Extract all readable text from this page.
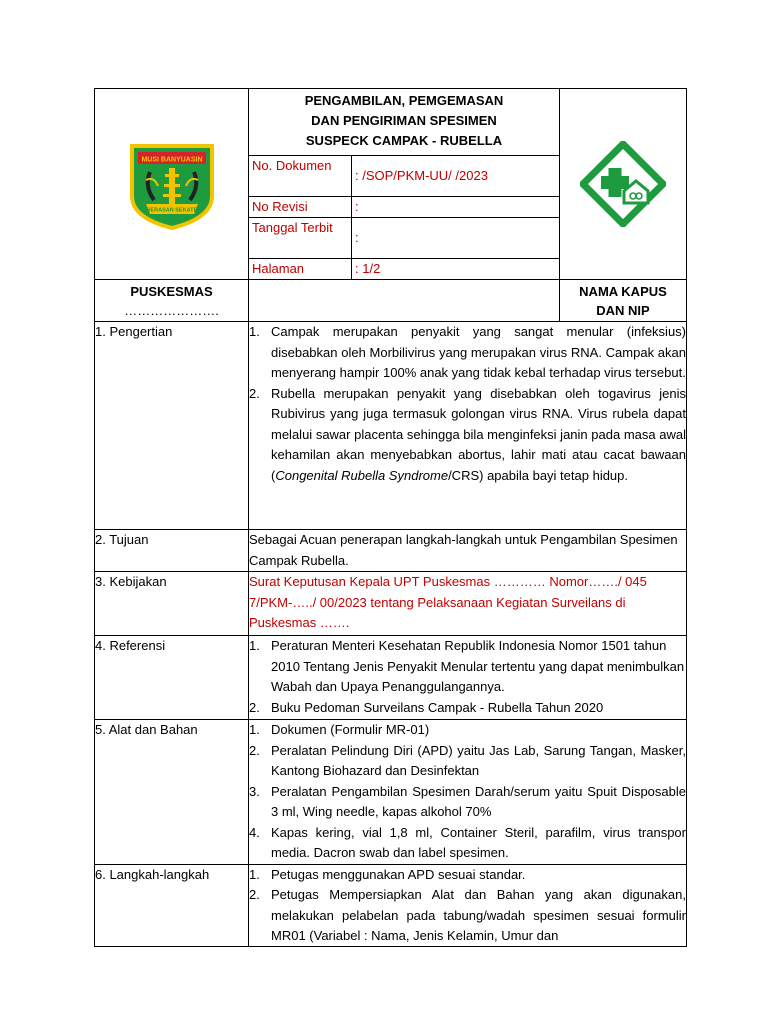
MUSI BANYUASIN
SERASAN SEKATE

PENGAMBILAN, PEMGEMASAN
DAN PENGIRIMAN SPESIMEN
SUSPECK CAMPAK - RUBELLA
No. Dokumen	: /SOP/PKM-UU/ /2023
No Revisi	:
Tanggal Terbit	:
Halaman	: 1/2

PUSKESMAS
………………….

NAMA KAPUS
DAN NIP

1. Pengertian	1. Campak merupakan penyakit yang sangat menular (infeksius) disebabkan oleh Morbilivirus yang merupakan virus RNA. Campak akan menyerang hampir 100% anak yang tidak kebal terhadap virus tersebut.
2. Rubella merupakan penyakit yang disebabkan oleh togavirus jenis Rubivirus yang juga termasuk golongan virus RNA. Virus rubela dapat melalui sawar placenta sehingga bila menginfeksi janin pada masa awal kehamilan akan menyebabkan abortus, lahir mati atau cacat bawaan (Congenital Rubella Syndrome/CRS) apabila bayi tetap hidup.

2. Tujuan	Sebagai Acuan penerapan langkah-langkah untuk Pengambilan Spesimen Campak Rubella.
3. Kebijakan	Surat Keputusan Kepala UPT Puskesmas ………… Nomor……./ 045 7/PKM-…../ 00/2023 tentang Pelaksanaan Kegiatan Surveilans di Puskesmas …….
4. Referensi	1. Peraturan Menteri Kesehatan Republik Indonesia Nomor 1501 tahun 2010 Tentang Jenis Penyakit Menular tertentu yang dapat menimbulkan Wabah dan Upaya Penanggulangannya.
2. Buku Pedoman Surveilans Campak - Rubella Tahun 2020

5. Alat dan Bahan	1. Dokumen (Formulir MR-01)
2. Peralatan Pelindung Diri (APD) yaitu Jas Lab, Sarung Tangan, Masker, Kantong Biohazard dan Desinfektan
3. Peralatan Pengambilan Spesimen Darah/serum yaitu Spuit Disposable 3 ml, Wing needle, kapas alkohol 70%
4. Kapas kering, vial 1,8 ml, Container Steril, parafilm, virus transpor media. Dacron swab dan label spesimen.

6. Langkah-langkah	1. Petugas menggunakan APD sesuai standar.
2. Petugas Mempersiapkan Alat dan Bahan yang akan digunakan, melakukan pelabelan pada tabung/wadah spesimen sesuai formulir MR01 (Variabel : Nama, Jenis Kelamin, Umur dan
